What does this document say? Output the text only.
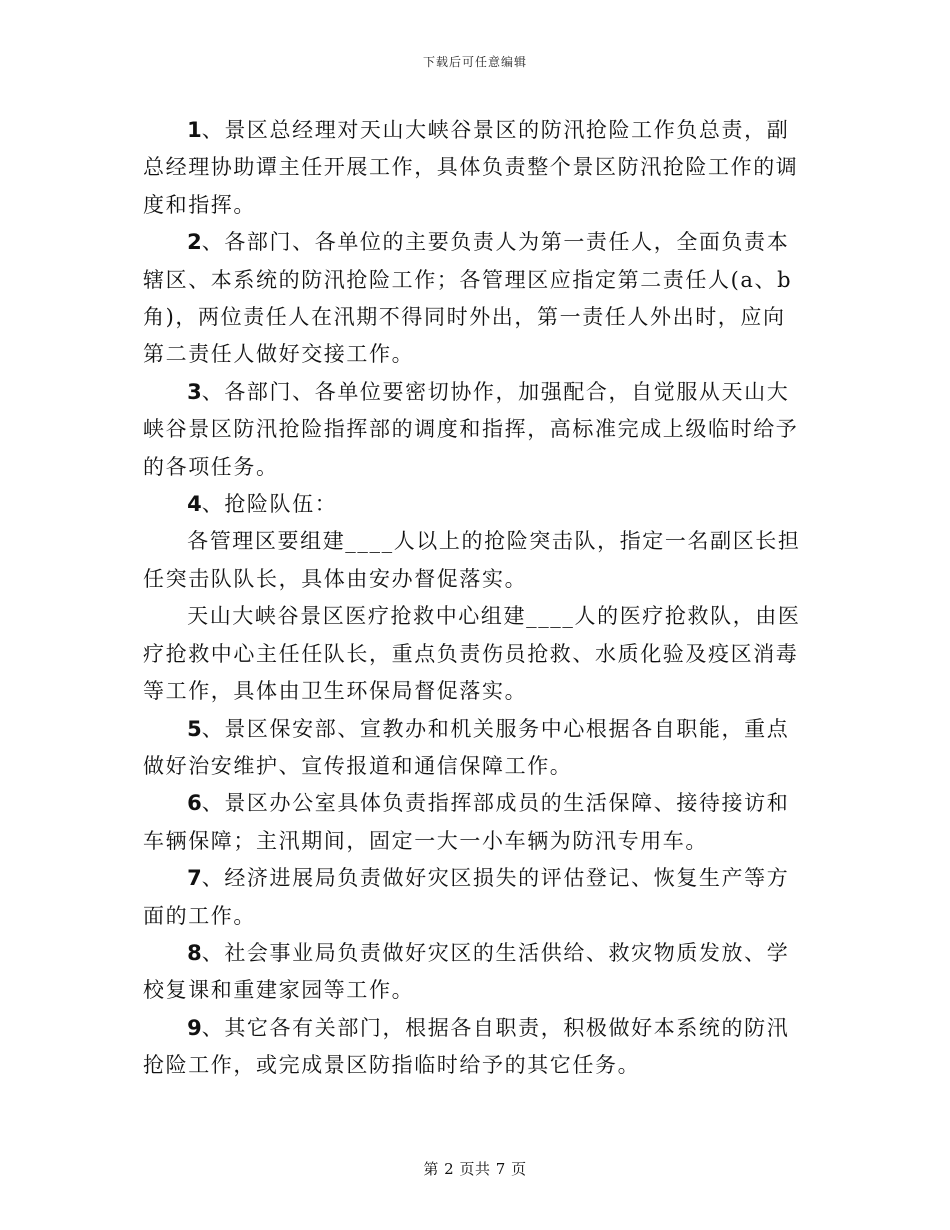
下载后可任意编辑

1、景区总经理对天山大峡谷景区的防汛抢险工作负总责，副总经理协助谭主任开展工作，具体负责整个景区防汛抢险工作的调度和指挥。

2、各部门、各单位的主要负责人为第一责任人，全面负责本辖区、本系统的防汛抢险工作；各管理区应指定第二责任人(a、b角)，两位责任人在汛期不得同时外出，第一责任人外出时，应向第二责任人做好交接工作。

3、各部门、各单位要密切协作，加强配合，自觉服从天山大峡谷景区防汛抢险指挥部的调度和指挥，高标准完成上级临时给予的各项任务。

4、抢险队伍：

各管理区要组建____人以上的抢险突击队，指定一名副区长担任突击队队长，具体由安办督促落实。

天山大峡谷景区医疗抢救中心组建____人的医疗抢救队，由医疗抢救中心主任任队长，重点负责伤员抢救、水质化验及疫区消毒等工作，具体由卫生环保局督促落实。

5、景区保安部、宣教办和机关服务中心根据各自职能，重点做好治安维护、宣传报道和通信保障工作。

6、景区办公室具体负责指挥部成员的生活保障、接待接访和车辆保障；主汛期间，固定一大一小车辆为防汛专用车。

7、经济进展局负责做好灾区损失的评估登记、恢复生产等方面的工作。

8、社会事业局负责做好灾区的生活供给、救灾物质发放、学校复课和重建家园等工作。

9、其它各有关部门，根据各自职责，积极做好本系统的防汛抢险工作，或完成景区防指临时给予的其它任务。

第 2 页共 7 页
